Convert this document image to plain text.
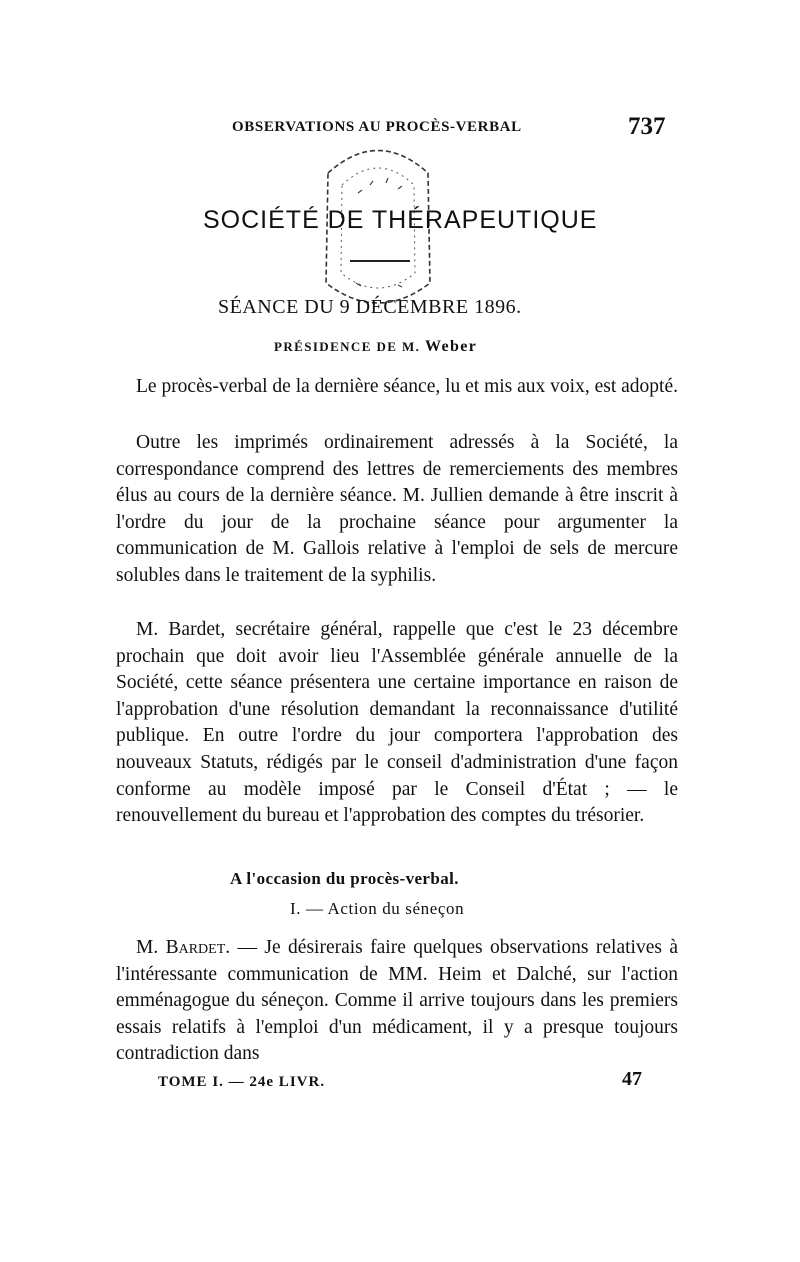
OBSERVATIONS AU PROCÈS-VERBAL	737
SOCIÉTÉ DE THÉRAPEUTIQUE
SÉANCE DU 9 DÉCEMBRE 1896.
PRÉSIDENCE DE M. Weber

Le procès-verbal de la dernière séance, lu et mis aux voix, est adopté.

Outre les imprimés ordinairement adressés à la Société, la correspondance comprend des lettres de remerciements des membres élus au cours de la dernière séance. M. Jullien demande à être inscrit à l'ordre du jour de la prochaine séance pour argumenter la communication de M. Gallois relative à l'emploi de sels de mercure solubles dans le traitement de la syphilis.

M. Bardet, secrétaire général, rappelle que c'est le 23 décembre prochain que doit avoir lieu l'Assemblée générale annuelle de la Société, cette séance présentera une certaine importance en raison de l'approbation d'une résolution demandant la reconnaissance d'utilité publique. En outre l'ordre du jour comportera l'approbation des nouveaux Statuts, rédigés par le conseil d'administration d'une façon conforme au modèle imposé par le Conseil d'État ; — le renouvellement du bureau et l'approbation des comptes du trésorier.

A l'occasion du procès-verbal.
I. — Action du séneçon

M. Bardet. — Je désirerais faire quelques observations relatives à l'intéressante communication de MM. Heim et Dalché, sur l'action emménagogue du séneçon. Comme il arrive toujours dans les premiers essais relatifs à l'emploi d'un médicament, il y a presque toujours contradiction dans

TOME I. — 24e LIVR.	47
